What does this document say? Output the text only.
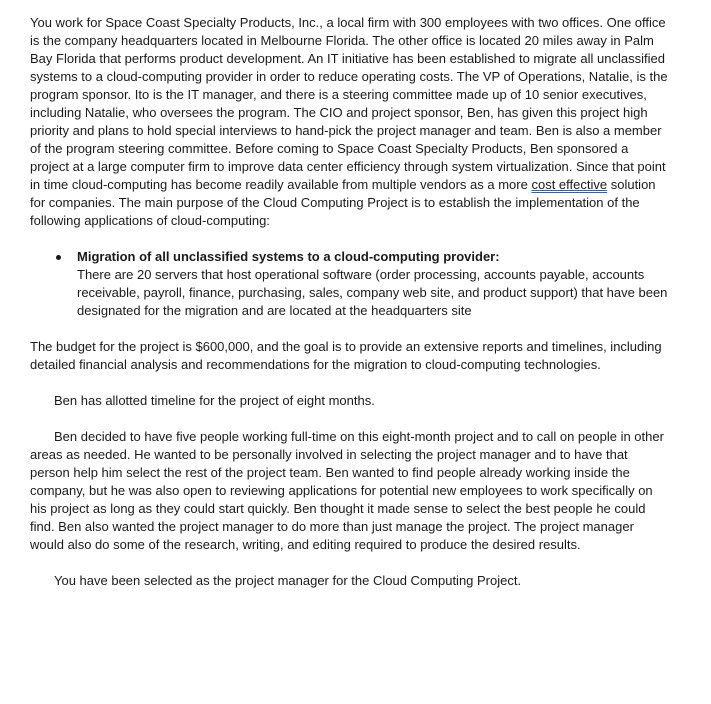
You work for Space Coast Specialty Products, Inc., a local firm with 300 employees with two offices. One office is the company headquarters located in Melbourne Florida. The other office is located 20 miles away in Palm Bay Florida that performs product development. An IT initiative has been established to migrate all unclassified systems to a cloud-computing provider in order to reduce operating costs. The VP of Operations, Natalie, is the program sponsor. Ito is the IT manager, and there is a steering committee made up of 10 senior executives, including Natalie, who oversees the program. The CIO and project sponsor, Ben, has given this project high priority and plans to hold special interviews to hand-pick the project manager and team. Ben is also a member of the program steering committee. Before coming to Space Coast Specialty Products, Ben sponsored a project at a large computer firm to improve data center efficiency through system virtualization. Since that point in time cloud-computing has become readily available from multiple vendors as a more cost effective solution for companies. The main purpose of the Cloud Computing Project is to establish the implementation of the following applications of cloud-computing:

Migration of all unclassified systems to a cloud-computing provider:
There are 20 servers that host operational software (order processing, accounts payable, accounts receivable, payroll, finance, purchasing, sales, company web site, and product support) that have been designated for the migration and are located at the headquarters site

The budget for the project is $600,000, and the goal is to provide an extensive reports and timelines, including detailed financial analysis and recommendations for the migration to cloud-computing technologies.

Ben has allotted timeline for the project of eight months.

Ben decided to have five people working full-time on this eight-month project and to call on people in other areas as needed. He wanted to be personally involved in selecting the project manager and to have that person help him select the rest of the project team. Ben wanted to find people already working inside the company, but he was also open to reviewing applications for potential new employees to work specifically on his project as long as they could start quickly. Ben thought it made sense to select the best people he could find. Ben also wanted the project manager to do more than just manage the project. The project manager would also do some of the research, writing, and editing required to produce the desired results.

You have been selected as the project manager for the Cloud Computing Project.
